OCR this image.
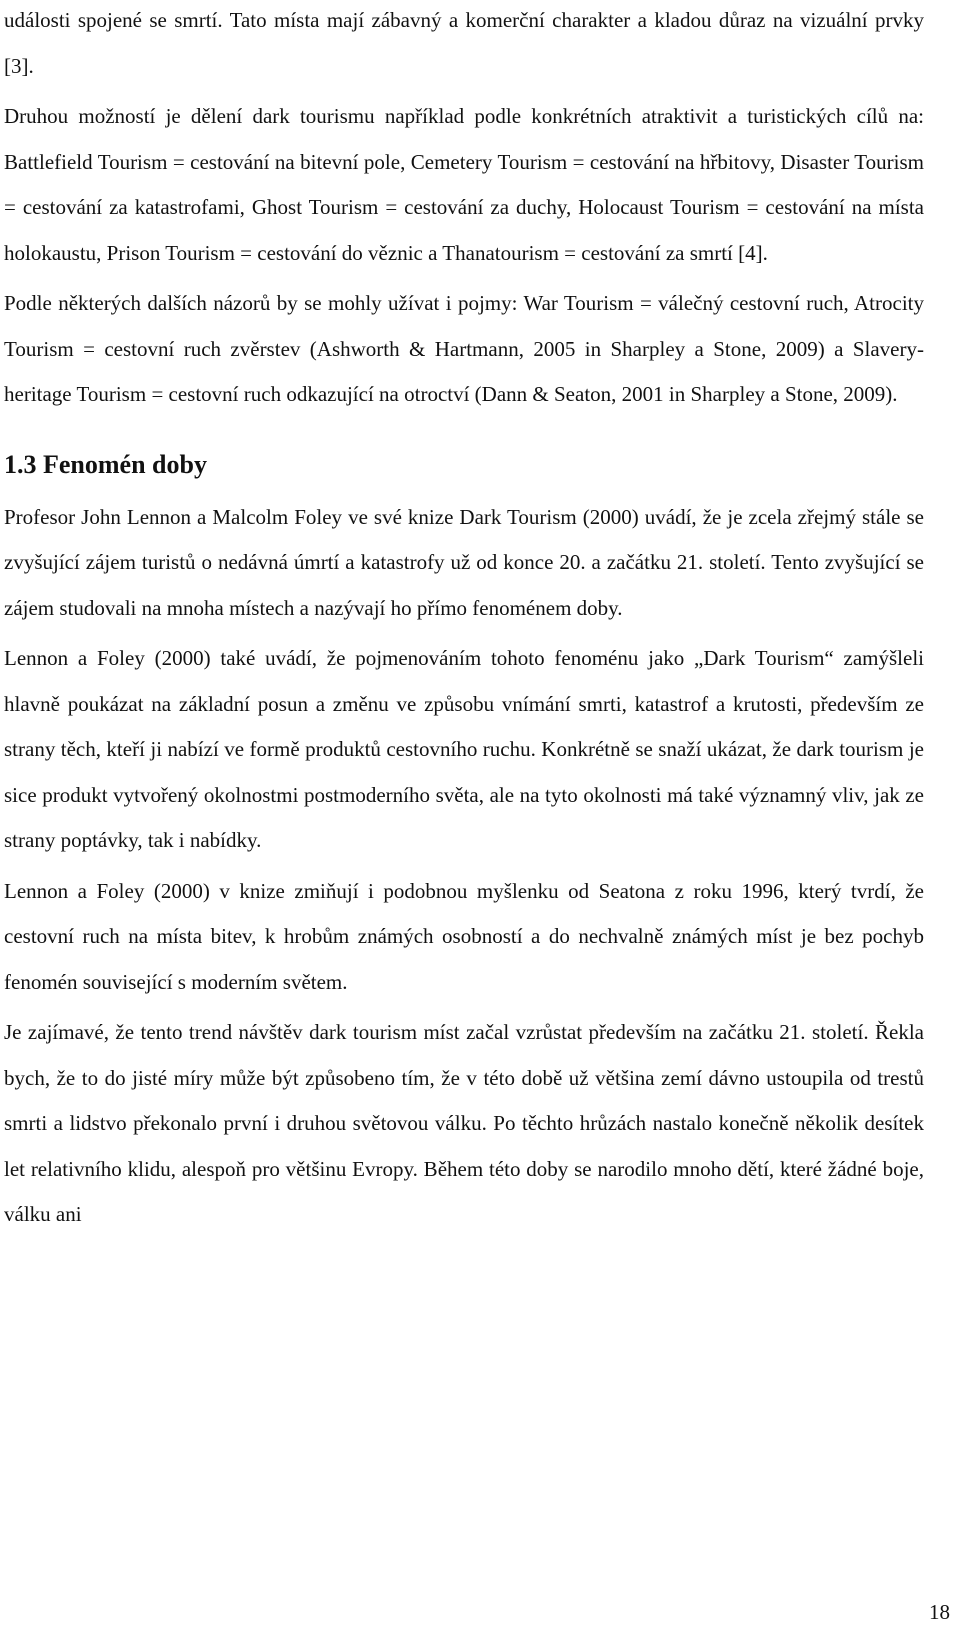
události spojené se smrtí. Tato místa mají zábavný a komerční charakter a kladou důraz na vizuální prvky [3].

Druhou možností je dělení dark tourismu například podle konkrétních atraktivit a turistických cílů na: Battlefield Tourism = cestování na bitevní pole, Cemetery Tourism = cestování na hřbitovy, Disaster Tourism = cestování za katastrofami, Ghost Tourism = cestování za duchy, Holocaust Tourism = cestování na místa holokaustu, Prison Tourism = cestování do věznic a Thanatourism = cestování za smrtí [4].

Podle některých dalších názorů by se mohly užívat i pojmy: War Tourism = válečný cestovní ruch, Atrocity Tourism = cestovní ruch zvěrstev (Ashworth & Hartmann, 2005 in Sharpley a Stone, 2009) a Slavery-heritage Tourism = cestovní ruch odkazující na otroctví (Dann & Seaton, 2001 in Sharpley a Stone, 2009).

1.3 Fenomén doby

Profesor John Lennon a Malcolm Foley ve své knize Dark Tourism (2000) uvádí, že je zcela zřejmý stále se zvyšující zájem turistů o nedávná úmrtí a katastrofy už od konce 20. a začátku 21. století. Tento zvyšující se zájem studovali na mnoha místech a nazývají ho přímo fenoménem doby.

Lennon a Foley (2000) také uvádí, že pojmenováním tohoto fenoménu jako „Dark Tourism“ zamýšleli hlavně poukázat na základní posun a změnu ve způsobu vnímání smrti, katastrof a krutosti, především ze strany těch, kteří ji nabízí ve formě produktů cestovního ruchu. Konkrétně se snaží ukázat, že dark tourism je sice produkt vytvořený okolnostmi postmoderního světa, ale na tyto okolnosti má také významný vliv, jak ze strany poptávky, tak i nabídky.

Lennon a Foley (2000) v knize zmiňují i podobnou myšlenku od Seatona z roku 1996, který tvrdí, že cestovní ruch na místa bitev, k hrobům známých osobností a do nechvalně známých míst je bez pochyb fenomén související s moderním světem.

Je zajímavé, že tento trend návštěv dark tourism míst začal vzrůstat především na začátku 21. století. Řekla bych, že to do jisté míry může být způsobeno tím, že v této době už většina zemí dávno ustoupila od trestů smrti a lidstvo překonalo první i druhou světovou válku. Po těchto hrůzách nastalo konečně několik desítek let relativního klidu, alespoň pro většinu Evropy. Během této doby se narodilo mnoho dětí, které žádné boje, válku ani

18
